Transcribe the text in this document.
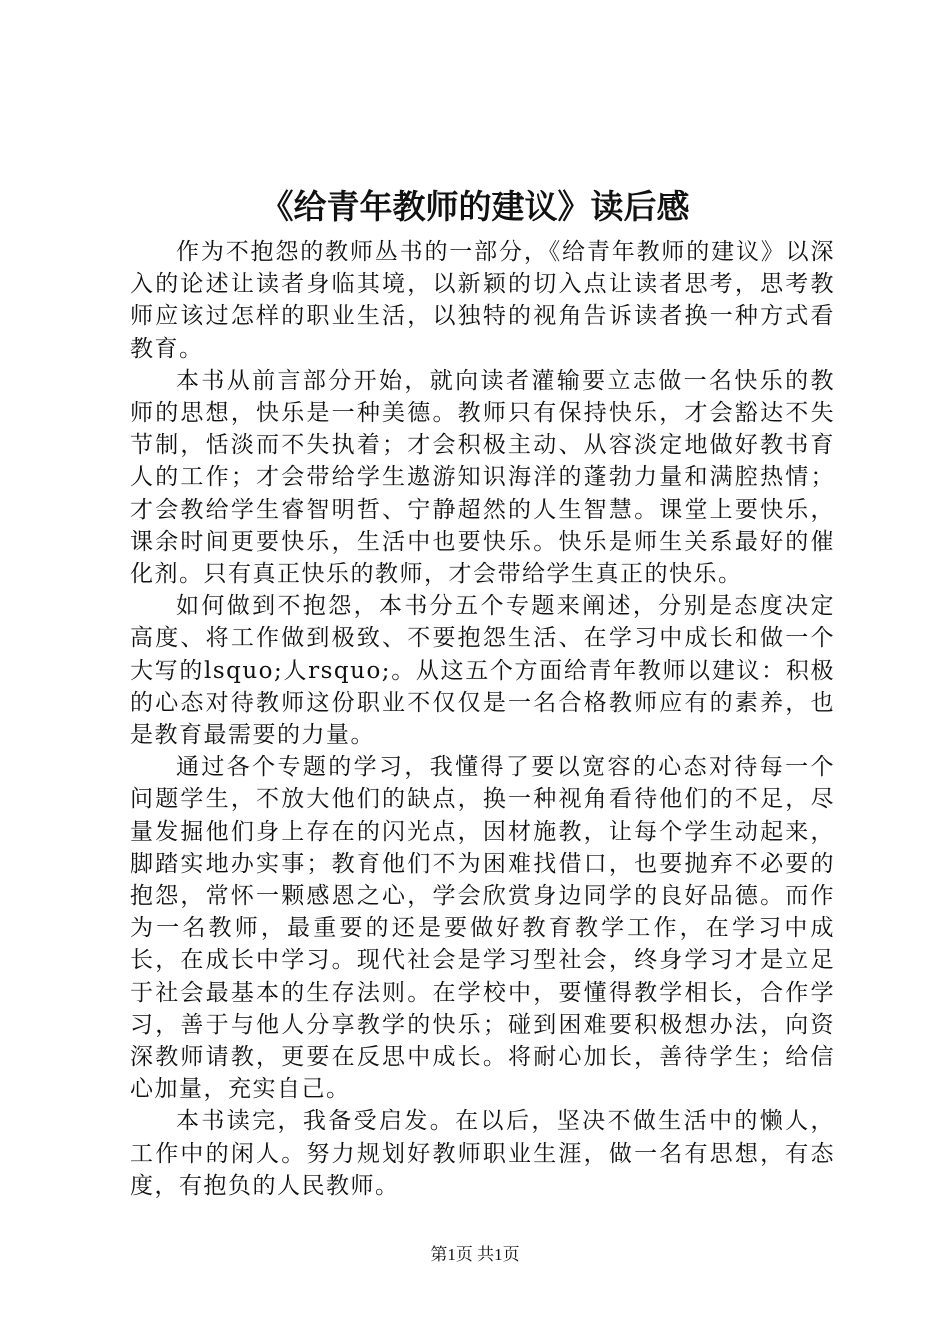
《给青年教师的建议》读后感

作为不抱怨的教师丛书的一部分，《给青年教师的建议》以深入的论述让读者身临其境，以新颖的切入点让读者思考，思考教师应该过怎样的职业生活，以独特的视角告诉读者换一种方式看教育。

本书从前言部分开始，就向读者灌输要立志做一名快乐的教师的思想，快乐是一种美德。教师只有保持快乐，才会豁达不失节制，恬淡而不失执着；才会积极主动、从容淡定地做好教书育人的工作；才会带给学生遨游知识海洋的蓬勃力量和满腔热情；才会教给学生睿智明哲、宁静超然的人生智慧。课堂上要快乐，课余时间更要快乐，生活中也要快乐。快乐是师生关系最好的催化剂。只有真正快乐的教师，才会带给学生真正的快乐。

如何做到不抱怨，本书分五个专题来阐述，分别是态度决定高度、将工作做到极致、不要抱怨生活、在学习中成长和做一个大写的lsquo;人rsquo;。从这五个方面给青年教师以建议：积极的心态对待教师这份职业不仅仅是一名合格教师应有的素养，也是教育最需要的力量。

通过各个专题的学习，我懂得了要以宽容的心态对待每一个问题学生，不放大他们的缺点，换一种视角看待他们的不足，尽量发掘他们身上存在的闪光点，因材施教，让每个学生动起来，脚踏实地办实事；教育他们不为困难找借口，也要抛弃不必要的抱怨，常怀一颗感恩之心，学会欣赏身边同学的良好品德。而作为一名教师，最重要的还是要做好教育教学工作，在学习中成长，在成长中学习。现代社会是学习型社会，终身学习才是立足于社会最基本的生存法则。在学校中，要懂得教学相长，合作学习，善于与他人分享教学的快乐；碰到困难要积极想办法，向资深教师请教，更要在反思中成长。将耐心加长，善待学生；给信心加量，充实自己。

本书读完，我备受启发。在以后，坚决不做生活中的懒人，工作中的闲人。努力规划好教师职业生涯，做一名有思想，有态度，有抱负的人民教师。

第1页 共1页
